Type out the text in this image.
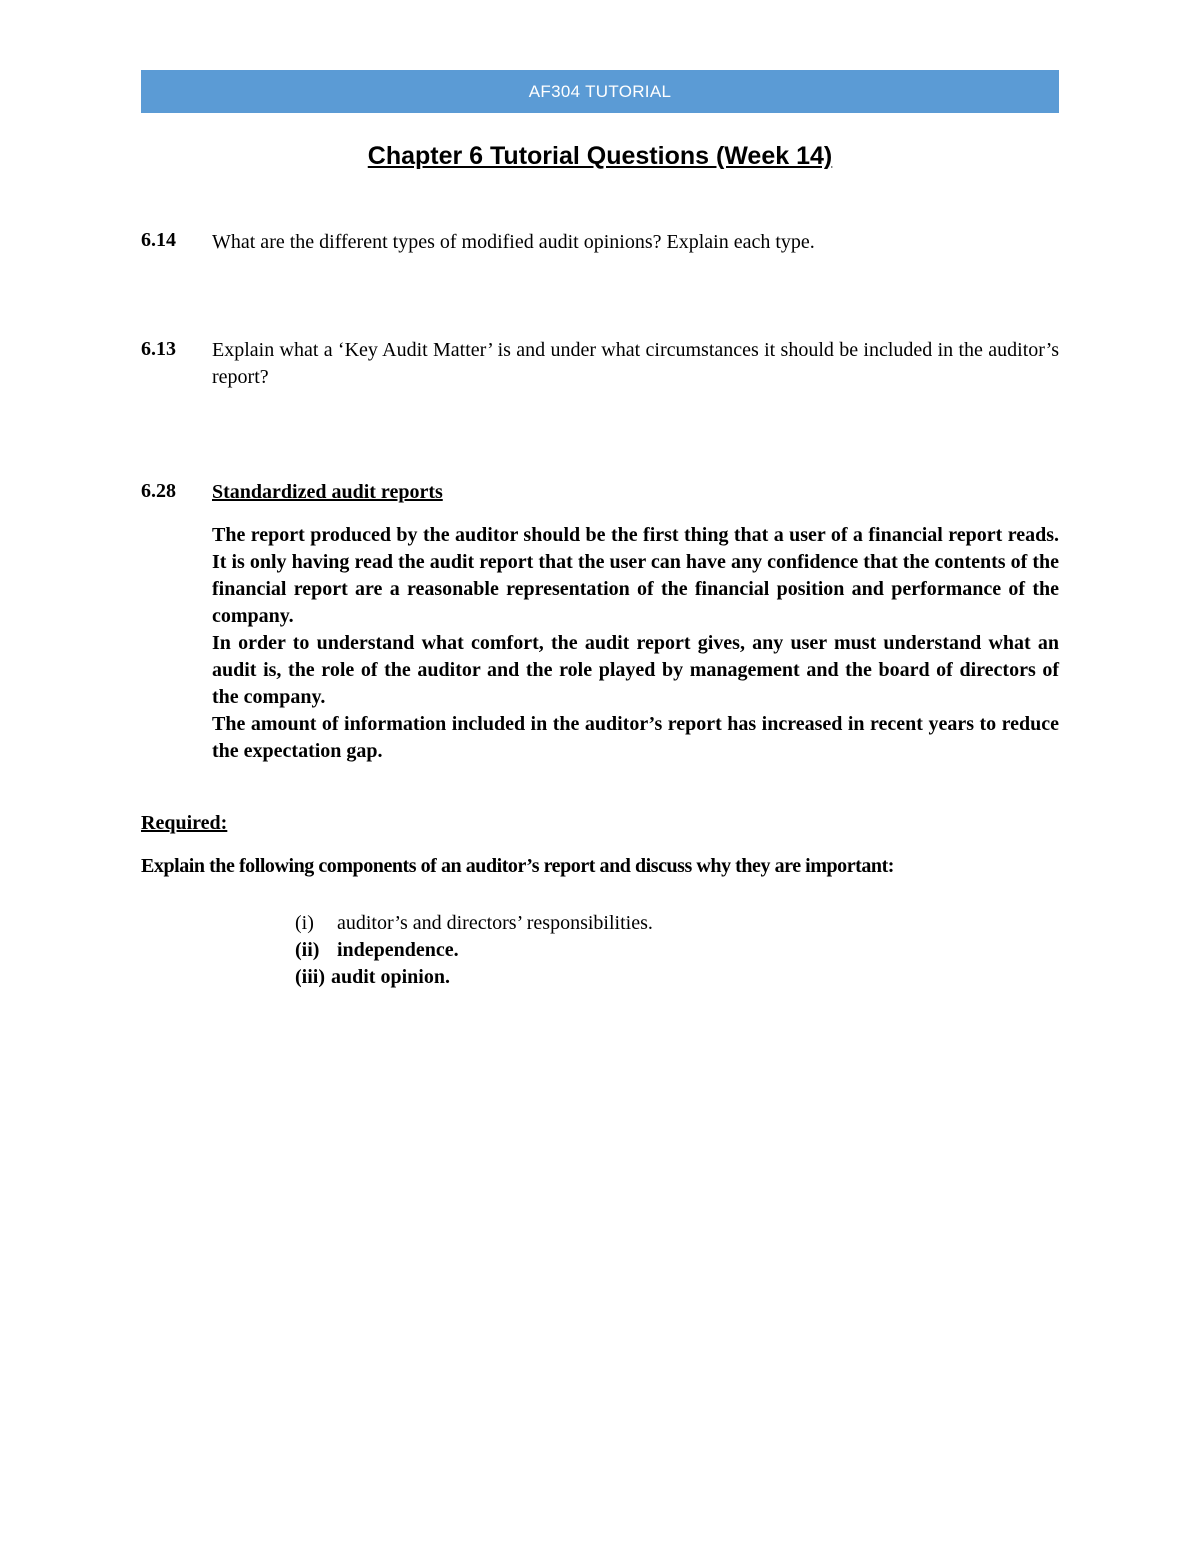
AF304 TUTORIAL
Chapter 6 Tutorial Questions (Week 14)
6.14 What are the different types of modified audit opinions? Explain each type.

6.13 Explain what a ‘Key Audit Matter’ is and under what circumstances it should be included in the auditor’s report?

6.28 Standardized audit reports

The report produced by the auditor should be the first thing that a user of a financial report reads. It is only having read the audit report that the user can have any confidence that the contents of the financial report are a reasonable representation of the financial position and performance of the company.

In order to understand what comfort, the audit report gives, any user must understand what an audit is, the role of the auditor and the role played by management and the board of directors of the company.

The amount of information included in the auditor’s report has increased in recent years to reduce the expectation gap.

Required:
Explain the following components of an auditor’s report and discuss why they are important:
(i)	auditor’s and directors’ responsibilities.
(ii) independence.
(iii) audit opinion.
